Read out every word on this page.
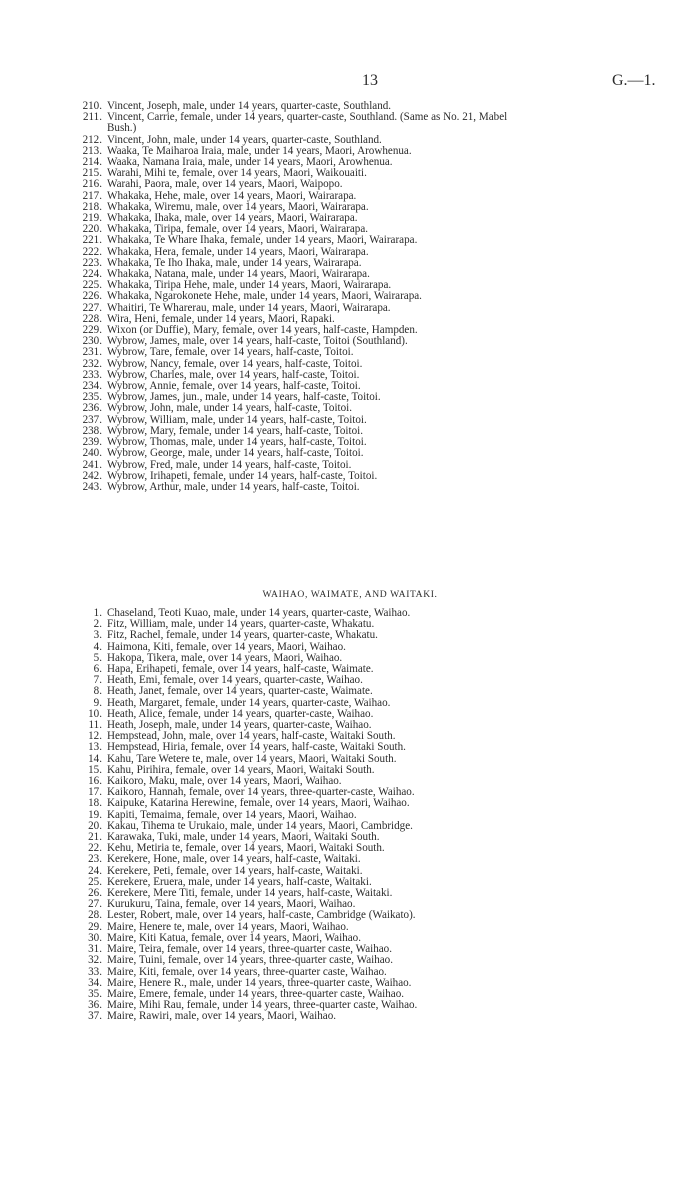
13	G.—1.
210. Vincent, Joseph, male, under 14 years, quarter-caste, Southland.
211. Vincent, Carrie, female, under 14 years, quarter-caste, Southland. (Same as No. 21, Mabel
Bush.)
212. Vincent, John, male, under 14 years, quarter-caste, Southland.
213. Waaka, Te Maiharoa Iraia, male, under 14 years, Maori, Arowhenua.
214. Waaka, Namana Iraia, male, under 14 years, Maori, Arowhenua.
215. Warahi, Mihi te, female, over 14 years, Maori, Waikouaiti.
216. Warahi, Paora, male, over 14 years, Maori, Waipopo.
217. Whakaka, Hehe, male, over 14 years, Maori, Wairarapa.
218. Whakaka, Wiremu, male, over 14 years, Maori, Wairarapa.
219. Whakaka, Ihaka, male, over 14 years, Maori, Wairarapa.
220. Whakaka, Tiripa, female, over 14 years, Maori, Wairarapa.
221. Whakaka, Te Whare Ihaka, female, under 14 years, Maori, Wairarapa.
222. Whakaka, Hera, female, under 14 years, Maori, Wairarapa.
223. Whakaka, Te Iho Ihaka, male, under 14 years, Wairarapa.
224. Whakaka, Natana, male, under 14 years, Maori, Wairarapa.
225. Whakaka, Tiripa Hehe, male, under 14 years, Maori, Wairarapa.
226. Whakaka, Ngarokonete Hehe, male, under 14 years, Maori, Wairarapa.
227. Whaitiri, Te Wharerau, male, under 14 years, Maori, Wairarapa.
228. Wira, Heni, female, under 14 years, Maori, Rapaki.
229. Wixon (or Duffie), Mary, female, over 14 years, half-caste, Hampden.
230. Wybrow, James, male, over 14 years, half-caste, Toitoi (Southland).
231. Wybrow, Tare, female, over 14 years, half-caste, Toitoi.
232. Wybrow, Nancy, female, over 14 years, half-caste, Toitoi.
233. Wybrow, Charles, male, over 14 years, half-caste, Toitoi.
234. Wybrow, Annie, female, over 14 years, half-caste, Toitoi.
235. Wybrow, James, jun., male, under 14 years, half-caste, Toitoi.
236. Wybrow, John, male, under 14 years, half-caste, Toitoi.
237. Wybrow, William, male, under 14 years, half-caste, Toitoi.
238. Wybrow, Mary, female, under 14 years, half-caste, Toitoi.
239. Wybrow, Thomas, male, under 14 years, half-caste, Toitoi.
240. Wybrow, George, male, under 14 years, half-caste, Toitoi.
241. Wybrow, Fred, male, under 14 years, half-caste, Toitoi.
242. Wybrow, Irihapeti, female, under 14 years, half-caste, Toitoi.
243. Wybrow, Arthur, male, under 14 years, half-caste, Toitoi.
WAIHAO, WAIMATE, AND WAITAKI.
1. Chaseland, Teoti Kuao, male, under 14 years, quarter-caste, Waihao.
2. Fitz, William, male, under 14 years, quarter-caste, Whakatu.
3. Fitz, Rachel, female, under 14 years, quarter-caste, Whakatu.
4. Haimona, Kiti, female, over 14 years, Maori, Waihao.
5. Hakopa, Tikera, male, over 14 years, Maori, Waihao.
6. Hapa, Erihapeti, female, over 14 years, half-caste, Waimate.
7. Heath, Emi, female, over 14 years, quarter-caste, Waihao.
8. Heath, Janet, female, over 14 years, quarter-caste, Waimate.
9. Heath, Margaret, female, under 14 years, quarter-caste, Waihao.
10. Heath, Alice, female, under 14 years, quarter-caste, Waihao.
11. Heath, Joseph, male, under 14 years, quarter-caste, Waihao.
12. Hempstead, John, male, over 14 years, half-caste, Waitaki South.
13. Hempstead, Hiria, female, over 14 years, half-caste, Waitaki South.
14. Kahu, Tare Wetere te, male, over 14 years, Maori, Waitaki South.
15. Kahu, Pirihira, female, over 14 years, Maori, Waitaki South.
16. Kaikoro, Maku, male, over 14 years, Maori, Waihao.
17. Kaikoro, Hannah, female, over 14 years, three-quarter-caste, Waihao.
18. Kaipuke, Katarina Herewine, female, over 14 years, Maori, Waihao.
19. Kapiti, Temaima, female, over 14 years, Maori, Waihao.
20. Kakau, Tihema te Urukaio, male, under 14 years, Maori, Cambridge.
21. Karawaka, Tuki, male, under 14 years, Maori, Waitaki South.
22. Kehu, Metiria te, female, over 14 years, Maori, Waitaki South.
23. Kerekere, Hone, male, over 14 years, half-caste, Waitaki.
24. Kerekere, Peti, female, over 14 years, half-caste, Waitaki.
25. Kerekere, Eruera, male, under 14 years, half-caste, Waitaki.
26. Kerekere, Mere Titi, female, under 14 years, half-caste, Waitaki.
27. Kurukuru, Taina, female, over 14 years, Maori, Waihao.
28. Lester, Robert, male, over 14 years, half-caste, Cambridge (Waikato).
29. Maire, Henere te, male, over 14 years, Maori, Waihao.
30. Maire, Kiti Katua, female, over 14 years, Maori, Waihao.
31. Maire, Teira, female, over 14 years, three-quarter caste, Waihao.
32. Maire, Tuini, female, over 14 years, three-quarter caste, Waihao.
33. Maire, Kiti, female, over 14 years, three-quarter caste, Waihao.
34. Maire, Henere R., male, under 14 years, three-quarter caste, Waihao.
35. Maire, Emere, female, under 14 years, three-quarter caste, Waihao.
36. Maire, Mihi Rau, female, under 14 years, three-quarter caste, Waihao.
37. Maire, Rawiri, male, over 14 years, Maori, Waihao.
